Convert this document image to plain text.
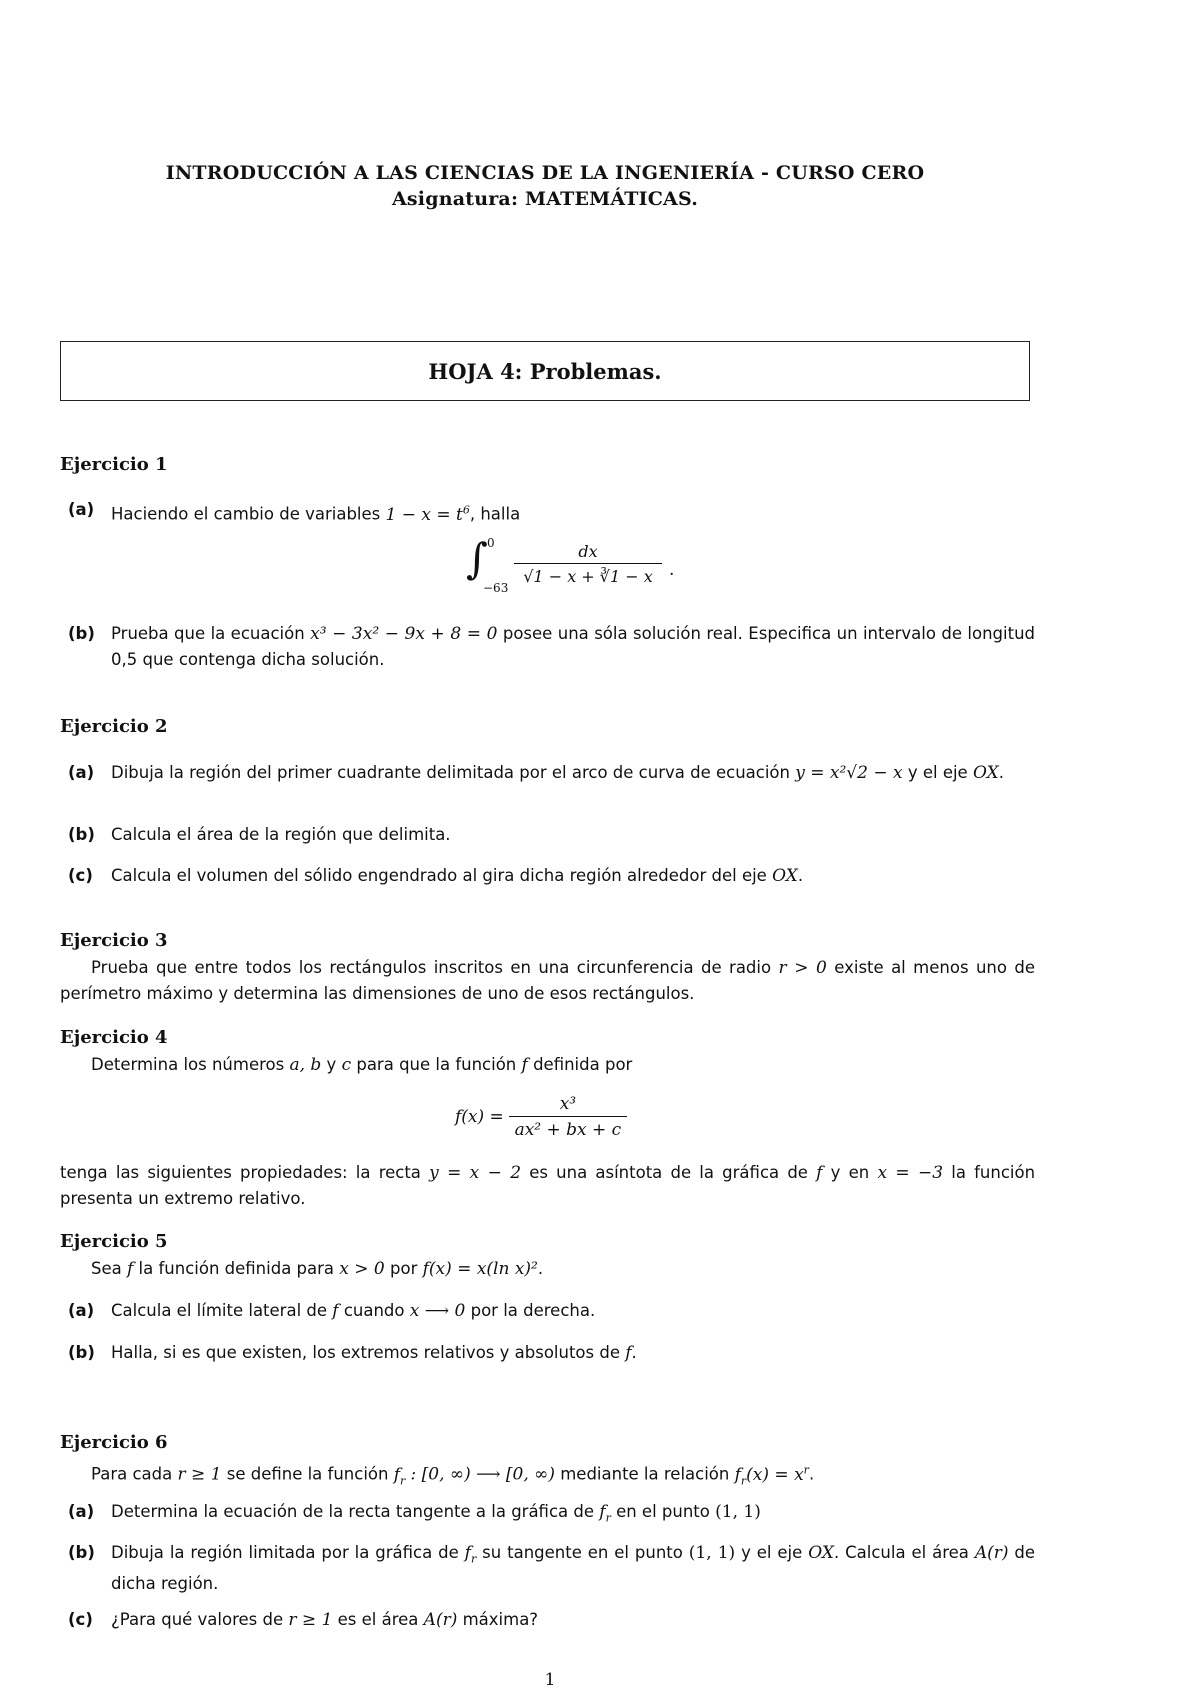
INTRODUCCIÓN A LAS CIENCIAS DE LA INGENIERÍA - CURSO CERO
Asignatura: MATEMÁTICAS.
HOJA 4: Problemas.
Ejercicio 1
(a)	Haciendo el cambio de variables $1 - x = t^6$, halla
∫ 0
−63
$\frac{dx}{√1 - x + ∛1 - x}$ .
(b) Prueba que la ecuación x³ − 3x² − 9x + 8 = 0 posee una sóla solución real. Especifica un intervalo de longitud 0,5 que contenga dicha solución.
Ejercicio 2
(a)	Dibuja la región del primer cuadrante delimitada por el arco de curva de ecuación y = x²√2 − x y el eje OX.
(b) Calcula el área de la región que delimita.
(c)	Calcula el volumen del sólido engendrado al gira dicha región alrededor del eje OX.
Ejercicio 3
Prueba que entre todos los rectángulos inscritos en una circunferencia de radio r > 0 existe al menos uno de perímetro máximo y determina las dimensiones de uno de esos rectángulos.
Ejercicio 4
Determina los números a, b y c para que la función f definida por
$f(x) = \frac{\text{x³}}{\text{ax² + bx + c}}$
tenga las siguientes propiedades: la recta y = x − 2 es una asíntota de la gráfica de f y en x = −3 la función presenta un extremo relativo.
Ejercicio 5
Sea f la función definida para x > 0 por f(x) = x(ln x)².
(a)	Calcula el límite lateral de f cuando x ⟶ 0 por la derecha.
(b) Halla, si es que existen, los extremos relativos y absolutos de f.
Ejercicio 6
Para cada r ≥ 1 se define la función $f_r$ : [0, ∞) ⟶ [0, ∞) mediante la relación $f_r(x) = x^r$.
(a)	Determina la ecuación de la recta tangente a la gráfica de $f_r$ en el punto (1, 1)
(b) Dibuja la región limitada por la gráfica de $f_r$ su tangente en el punto (1, 1) y el eje OX. Calcula el área A(r) de dicha región.
(c)	¿Para qué valores de r ≥ 1 es el área A(r) máxima?
1
